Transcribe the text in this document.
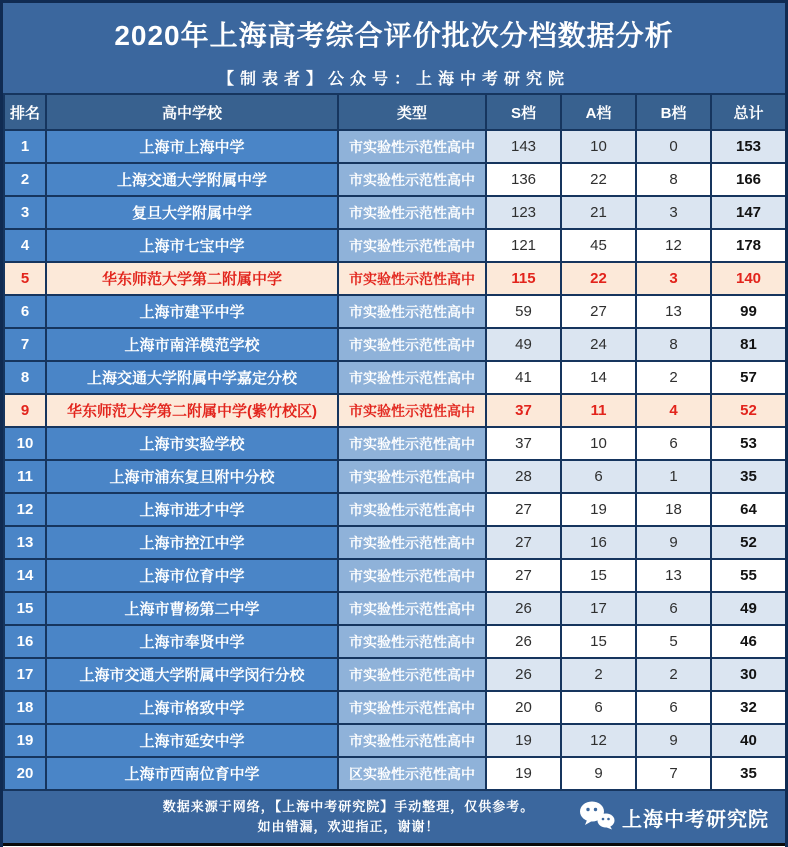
2020年上海高考综合评价批次分档数据分析
【制表者】公众号：上海中考研究院
排名	高中学校	类型	S档	A档	B档	总计
1	上海市上海中学	市实验性示范性高中	143	10	0	153
2	上海交通大学附属中学	市实验性示范性高中	136	22	8	166
3	复旦大学附属中学	市实验性示范性高中	123	21	3	147
4	上海市七宝中学	市实验性示范性高中	121	45	12	178
5	华东师范大学第二附属中学	市实验性示范性高中	115	22	3	140
6	上海市建平中学	市实验性示范性高中	59	27	13	99
7	上海市南洋模范学校	市实验性示范性高中	49	24	8	81
8	上海交通大学附属中学嘉定分校	市实验性示范性高中	41	14	2	57
9	华东师范大学第二附属中学(紫竹校区)	市实验性示范性高中	37	11	4	52
10	上海市实验学校	市实验性示范性高中	37	10	6	53
11	上海市浦东复旦附中分校	市实验性示范性高中	28	6	1	35
12	上海市进才中学	市实验性示范性高中	27	19	18	64
13	上海市控江中学	市实验性示范性高中	27	16	9	52
14	上海市位育中学	市实验性示范性高中	27	15	13	55
15	上海市曹杨第二中学	市实验性示范性高中	26	17	6	49
16	上海市奉贤中学	市实验性示范性高中	26	15	5	46
17	上海市交通大学附属中学闵行分校	市实验性示范性高中	26	2	2	30
18	上海市格致中学	市实验性示范性高中	20	6	6	32
19	上海市延安中学	市实验性示范性高中	19	12	9	40
20	上海市西南位育中学	区实验性示范性高中	19	9	7	35
数据来源于网络，【上海中考研究院】手动整理，仅供参考。
如由错漏，欢迎指正，谢谢！	上海中考研究院
